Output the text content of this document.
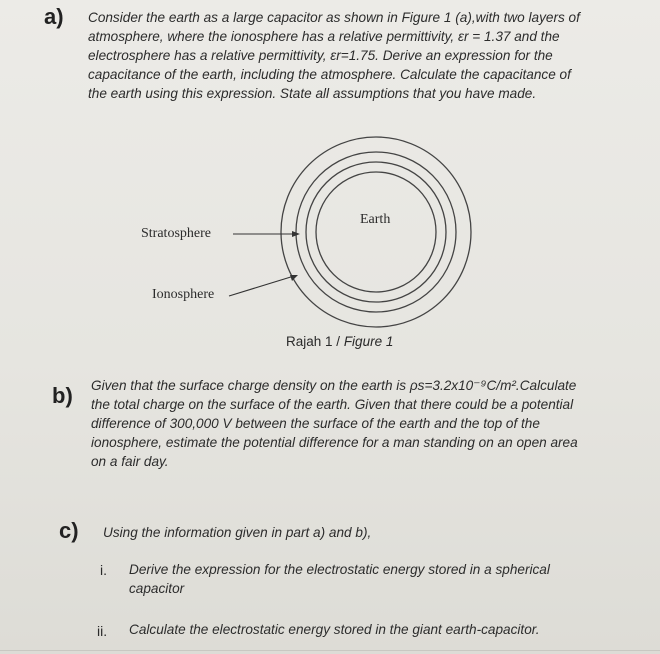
a) Consider the earth as a large capacitor as shown in Figure 1 (a),with two layers of
atmosphere, where the ionosphere has a relative permittivity, εr = 1.37 and the
electrosphere has a relative permittivity, εr=1.75. Derive an expression for the
capacitance of the earth, including the atmosphere. Calculate the capacitance of
the earth using this expression. State all assumptions that you have made.
Earth
Stratosphere
Ionosphere
Rajah 1 / Figure 1
b) Given that the surface charge density on the earth is ρs=3.2x10⁻⁹C/m².Calculate
the total charge on the surface of the earth. Given that there could be a potential
difference of 300,000 V between the surface of the earth and the top of the
ionosphere, estimate the potential difference for a man standing on an open area
on a fair day.
c) Using the information given in part a) and b),
i. Derive the expression for the electrostatic energy stored in a spherical
capacitor
ii. Calculate the electrostatic energy stored in the giant earth-capacitor.
